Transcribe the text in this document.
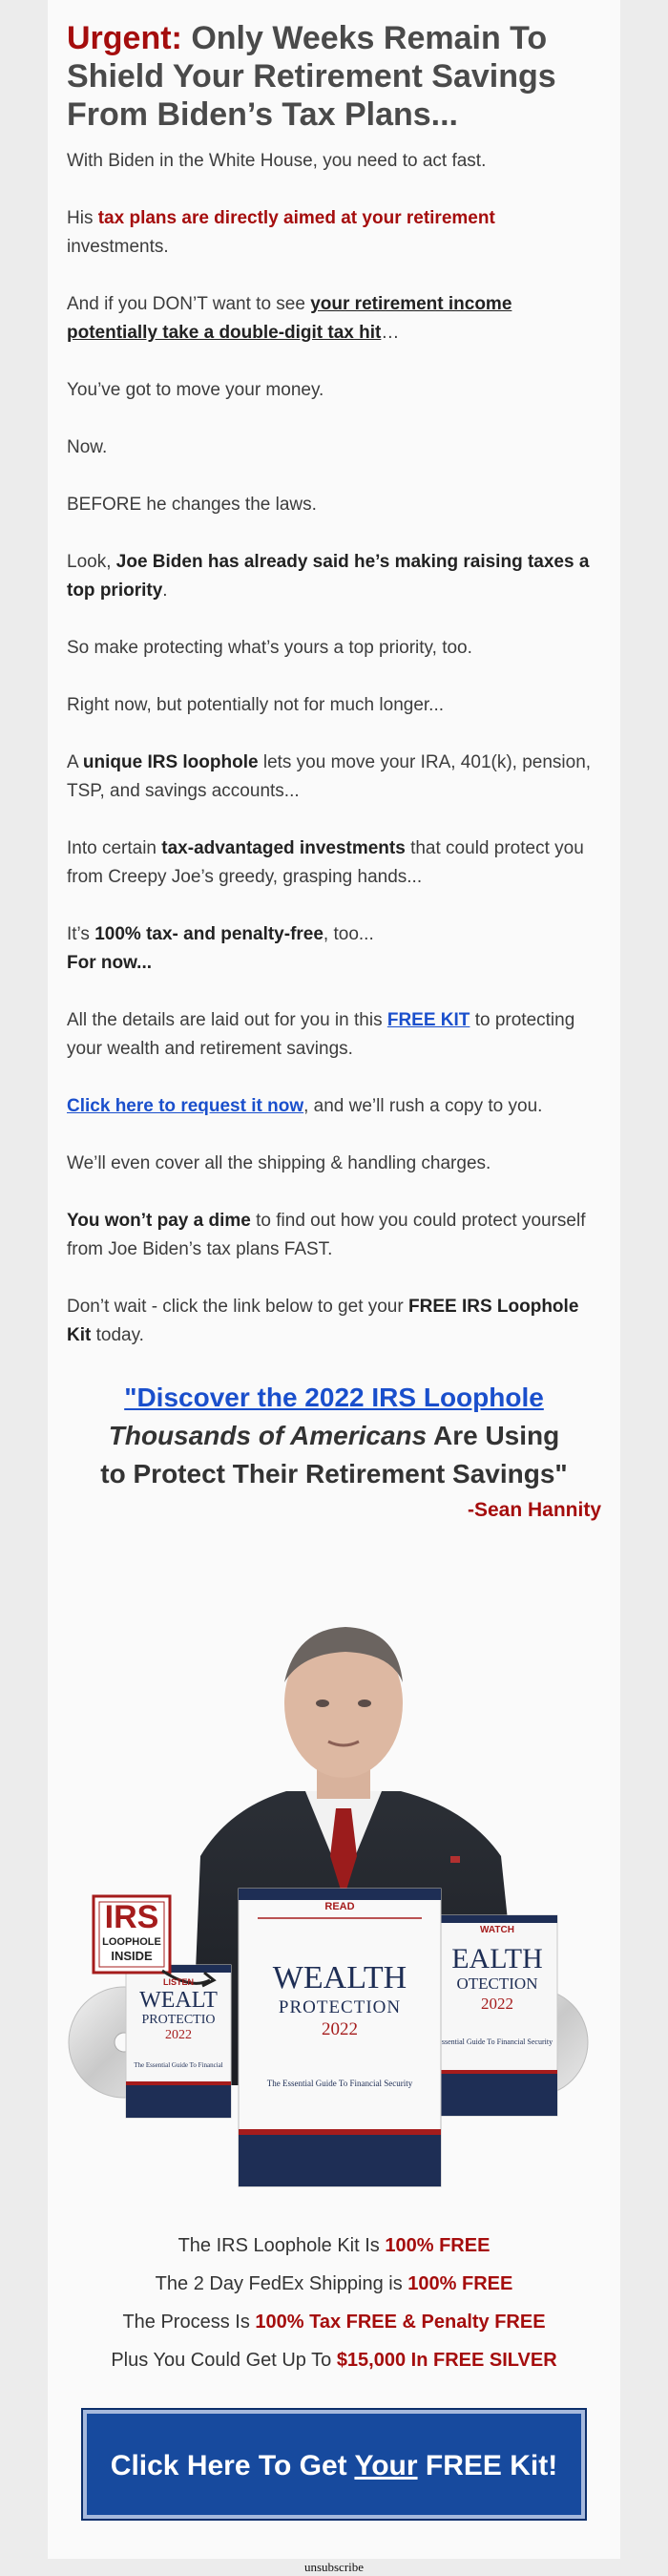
Urgent: Only Weeks Remain To Shield Your Retirement Savings From Biden’s Tax Plans...
With Biden in the White House, you need to act fast.
His tax plans are directly aimed at your retirement investments.
And if you DON’T want to see your retirement income potentially take a double-digit tax hit…
You’ve got to move your money.
Now.
BEFORE he changes the laws.
Look, Joe Biden has already said he’s making raising taxes a top priority.
So make protecting what’s yours a top priority, too.
Right now, but potentially not for much longer...
A unique IRS loophole lets you move your IRA, 401(k), pension, TSP, and savings accounts...
Into certain tax-advantaged investments that could protect you from Creepy Joe’s greedy, grasping hands...
It’s 100% tax- and penalty-free, too...
For now...
All the details are laid out for you in this FREE KIT to protecting your wealth and retirement savings.
Click here to request it now, and we’ll rush a copy to you.
We’ll even cover all the shipping & handling charges.
You won’t pay a dime to find out how you could protect yourself from Joe Biden’s tax plans FAST.
Don’t wait - click the link below to get your FREE IRS Loophole Kit today.
"Discover the 2022 IRS Loophole
Thousands of Americans Are Using
to Protect Their Retirement Savings"
-Sean Hannity
IRS
LOOPHOLE
INSIDE
READ
WEALTH
PROTECTION
2022
The Essential Guide To Financial Security
LISTEN
WEALT
PROTECTIO
2022
The Essential Guide To Financial
WATCH
EALTH
OTECTION
2022
ssential Guide To Financial Security
The IRS Loophole Kit Is 100% FREE
The 2 Day FedEx Shipping is 100% FREE
The Process Is 100% Tax FREE & Penalty FREE
Plus You Could Get Up To $15,000 In FREE SILVER
Click Here To Get Your FREE Kit!
unsubscribe
